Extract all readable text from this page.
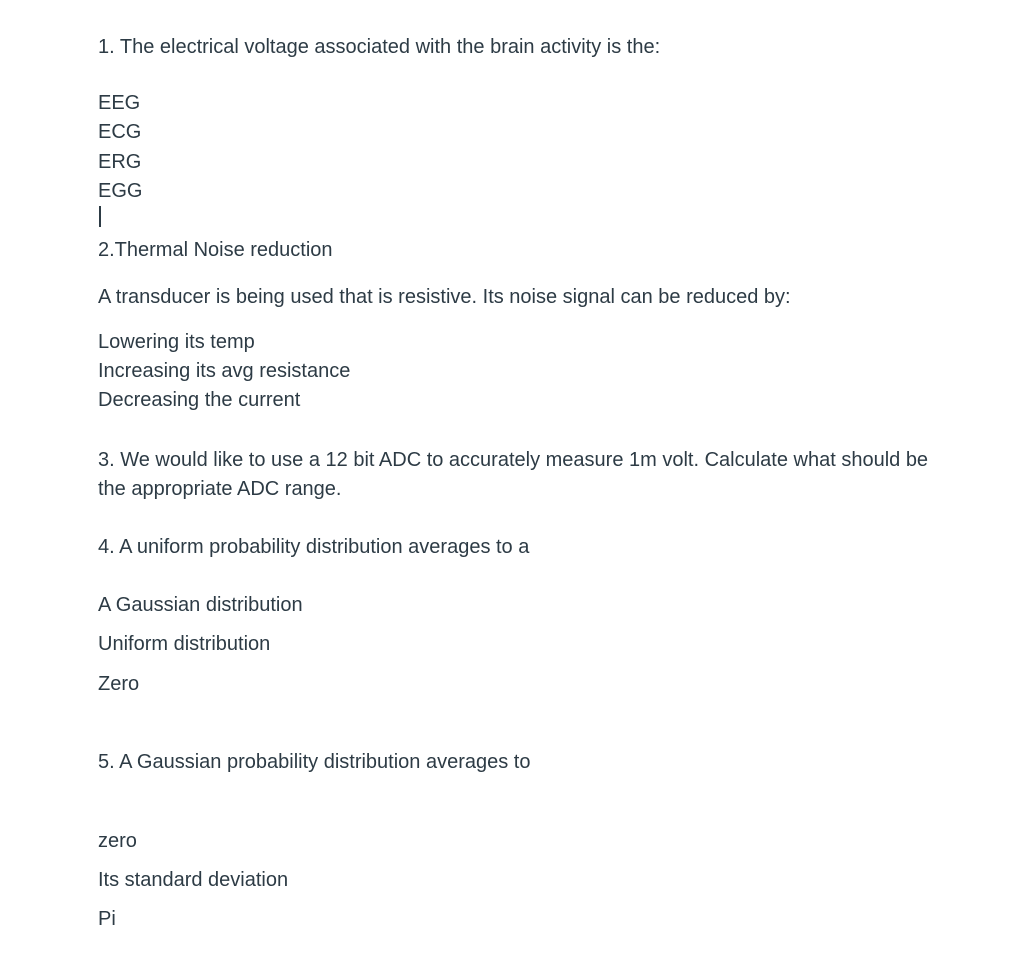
1. The electrical voltage associated with the brain activity is the:
EEG
ECG
ERG
EGG
2.Thermal Noise reduction
A transducer is being used that is resistive. Its noise signal can be reduced by:
Lowering its temp
Increasing its avg resistance
Decreasing the current
3. We would like to use a 12 bit ADC to accurately measure 1m volt. Calculate what should be the appropriate ADC range.
4. A uniform probability distribution averages to a
A Gaussian distribution
Uniform distribution
Zero
5. A Gaussian probability distribution averages to
zero
Its standard deviation
Pi
